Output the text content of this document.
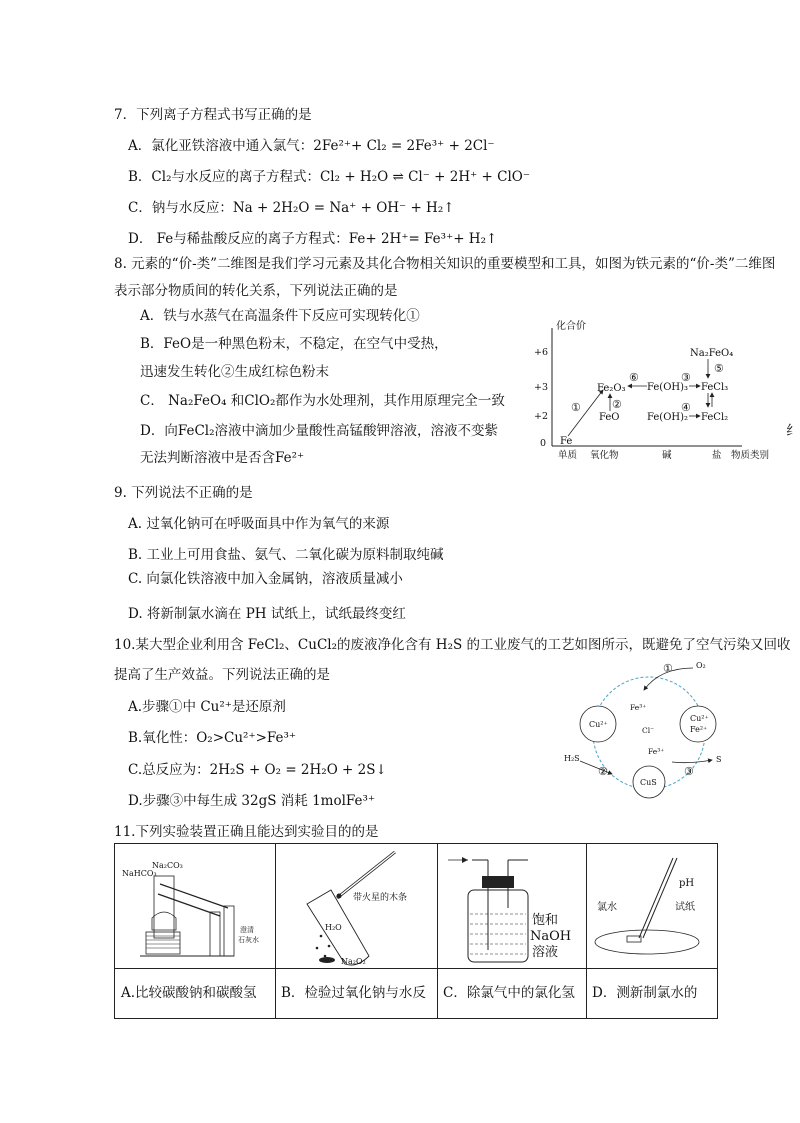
7．下列离子方程式书写正确的是
A．氯化亚铁溶液中通入氯气：2Fe²⁺+ Cl₂ = 2Fe³⁺ + 2Cl⁻
B．Cl₂与水反应的离子方程式：Cl₂ + H₂O ⇌ Cl⁻ + 2H⁺ + ClO⁻
C．钠与水反应：Na + 2H₂O = Na⁺ + OH⁻ + H₂↑
D． Fe与稀盐酸反应的离子方程式：Fe+ 2H⁺= Fe³⁺+ H₂↑
8. 元素的“价-类”二维图是我们学习元素及其化合物相关知识的重要模型和工具，如图为铁元素的“价-类”二维图
表示部分物质间的转化关系，下列说法正确的是
A．铁与水蒸气在高温条件下反应可实现转化①
B．FeO是一种黑色粉末，不稳定，在空气中受热，
迅速发生转化②生成红棕色粉末
C． Na₂FeO₄ 和ClO₂都作为水处理剂，其作用原理完全一致
D．向FeCl₂溶液中滴加少量酸性高锰酸钾溶液，溶液不变紫
无法判断溶液中是否含Fe²⁺
纟
化合价
+6
+3
+2
0
单质 氧化物	碱	盐 物质类别
Fe
Fe₂O₃
FeO
Fe(OH)₃
Fe(OH)₂
FeCl₃
FeCl₂
Na₂FeO₄
①	②
⑥	③
④
⑤
9. 下列说法不正确的是
A. 过氧化钠可在呼吸面具中作为氧气的来源
B. 工业上可用食盐、氨气、二氧化碳为原料制取纯碱
C. 向氯化铁溶液中加入金属钠，溶液质量减小
D. 将新制氯水滴在 PH 试纸上，试纸最终变红
10.某大型企业利用含 FeCl₂、CuCl₂的废液净化含有 H₂S 的工业废气的工艺如图所示，既避免了空气污染又回收
提高了生产效益。下列说法正确的是
A.步骤①中 Cu²⁺是还原剂
B.氧化性：O₂>Cu²⁺>Fe³⁺
C.总反应为：2H₂S + O₂ = 2H₂O + 2S↓
D.步骤③中每生成 32gS 消耗 1molFe³⁺
Cu²⁺
Cu²⁺
Fe²⁺
CuS
Fe³⁺
Cl⁻
Fe³⁺
①	O₂
H₂S
②	③
S
11.下列实验装置正确且能达到实验目的的是
NaHCO₃
Na₂CO₃
澄清
石灰水
带火星的木条
H₂O
Na₂O₂
饱和
NaOH
溶液
氯水
pH
试纸
A.比较碳酸钠和碳酸氢	B．检验过氧化钠与水反	C．除氯气中的氯化氢	D．测新制氯水的
